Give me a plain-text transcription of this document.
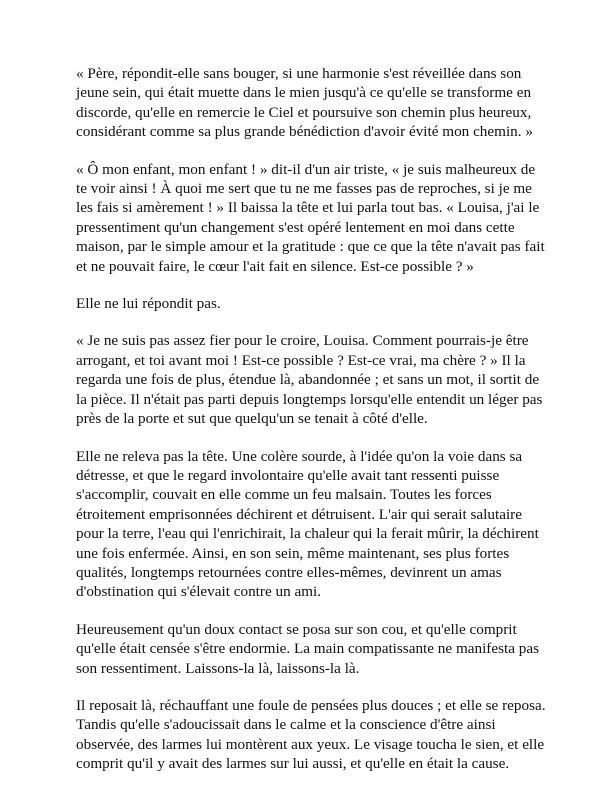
« Père, répondit-elle sans bouger, si une harmonie s'est réveillée dans son jeune sein, qui était muette dans le mien jusqu'à ce qu'elle se transforme en discorde, qu'elle en remercie le Ciel et poursuive son chemin plus heureux, considérant comme sa plus grande bénédiction d'avoir évité mon chemin. »

« Ô mon enfant, mon enfant ! » dit-il d'un air triste, « je suis malheureux de te voir ainsi ! À quoi me sert que tu ne me fasses pas de reproches, si je me les fais si amèrement ! » Il baissa la tête et lui parla tout bas. « Louisa, j'ai le pressentiment qu'un changement s'est opéré lentement en moi dans cette maison, par le simple amour et la gratitude : que ce que la tête n'avait pas fait et ne pouvait faire, le cœur l'ait fait en silence. Est-ce possible ? »

Elle ne lui répondit pas.

« Je ne suis pas assez fier pour le croire, Louisa. Comment pourrais-je être arrogant, et toi avant moi ! Est-ce possible ? Est-ce vrai, ma chère ? » Il la regarda une fois de plus, étendue là, abandonnée ; et sans un mot, il sortit de la pièce. Il n'était pas parti depuis longtemps lorsqu'elle entendit un léger pas près de la porte et sut que quelqu'un se tenait à côté d'elle.

Elle ne releva pas la tête. Une colère sourde, à l'idée qu'on la voie dans sa détresse, et que le regard involontaire qu'elle avait tant ressenti puisse s'accomplir, couvait en elle comme un feu malsain. Toutes les forces étroitement emprisonnées déchirent et détruisent. L'air qui serait salutaire pour la terre, l'eau qui l'enrichirait, la chaleur qui la ferait mûrir, la déchirent une fois enfermée. Ainsi, en son sein, même maintenant, ses plus fortes qualités, longtemps retournées contre elles-mêmes, devinrent un amas d'obstination qui s'élevait contre un ami.

Heureusement qu'un doux contact se posa sur son cou, et qu'elle comprit qu'elle était censée s'être endormie. La main compatissante ne manifesta pas son ressentiment. Laissons-la là, laissons-la là.

Il reposait là, réchauffant une foule de pensées plus douces ; et elle se reposa. Tandis qu'elle s'adoucissait dans le calme et la conscience d'être ainsi observée, des larmes lui montèrent aux yeux. Le visage toucha le sien, et elle comprit qu'il y avait des larmes sur lui aussi, et qu'elle en était la cause.
